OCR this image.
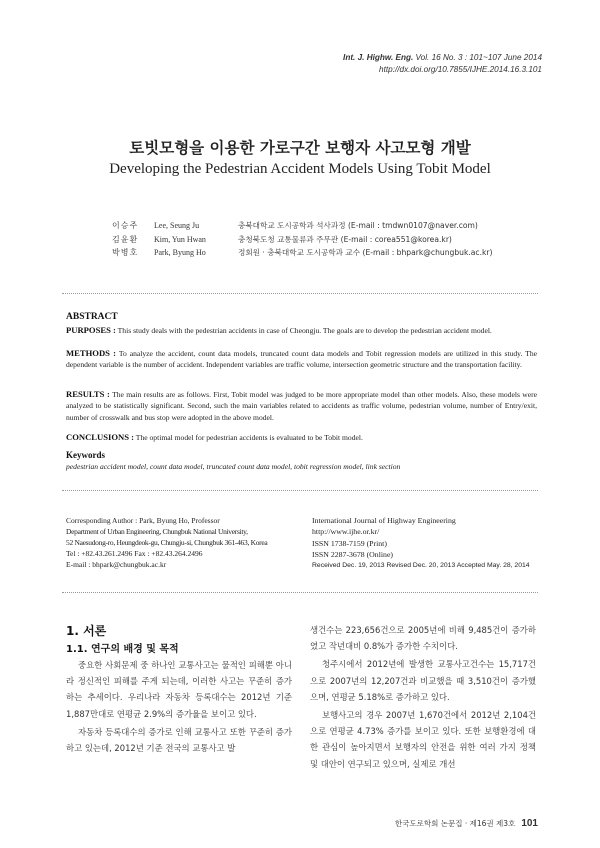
Int. J. Highw. Eng. Vol. 16 No. 3 : 101~107 June 2014
http://dx.doi.org/10.7855/IJHE.2014.16.3.101
토빗모형을 이용한 가로구간 보행자 사고모형 개발
Developing the Pedestrian Accident Models Using Tobit Model
이승주	Lee, Seung Ju	충북대학교 도시공학과 석사과정 (E-mail : tmdwn0107@naver.com)
김윤환	Kim, Yun Hwan	충청북도청 교통물류과 주무관 (E-mail : corea551@korea.kr)
박병호	Park, Byung Ho	정회원 · 충북대학교 도시공학과 교수 (E-mail : bhpark@chungbuk.ac.kr)
ABSTRACT

PURPOSES : This study deals with the pedestrian accidents in case of Cheongju. The goals are to develop the pedestrian accident model.

METHODS : To analyze the accident, count data models, truncated count data models and Tobit regression models are utilized in this study. The dependent variable is the number of accident. Independent variables are traffic volume, intersection geometric structure and the transportation facility.

RESULTS : The main results are as follows. First, Tobit model was judged to be more appropriate model than other models. Also, these models were analyzed to be statistically significant. Second, such the main variables related to accidents as traffic volume, pedestrian volume, number of Entry/exit, number of crosswalk and bus stop were adopted in the above model.

CONCLUSIONS : The optimal model for pedestrian accidents is evaluated to be Tobit model.

Keywords
pedestrian accident model, count data model, truncated count data model, tobit regression model, link section
Corresponding Author : Park, Byung Ho, Professor
Department of Urban Engineering, Chungbuk National University,
52 Naesudong-ro, Heungdeok-gu, Chungju-si, Chungbuk 361-463, Korea
Tel : +82.43.261.2496 Fax : +82.43.264.2496
E-mail : bhpark@chungbuk.ac.kr
International Journal of Highway Engineering
http://www.ijhe.or.kr/
ISSN 1738-7159 (Print)
ISSN 2287-3678 (Online)
Received Dec. 19, 2013 Revised Dec. 20, 2013 Accepted May. 28, 2014
1. 서론
1.1. 연구의 배경 및 목적

중요한 사회문제 중 하나인 교통사고는 물적인 피해뿐 아니라 정신적인 피해를 주게 되는데, 이러한 사고는 꾸준히 증가하는 추세이다. 우리나라 자동차 등록대수는 2012년 기준 1,887만대로 연평균 2.9%의 증가율을 보이고 있다.

자동차 등록대수의 증가로 인해 교통사고 또한 꾸준히 증가하고 있는데, 2012년 기준 전국의 교통사고 발

생건수는 223,656건으로 2005년에 비해 9,485건이 증가하였고 작년대비 0.8%가 증가한 수치이다.

청주시에서 2012년에 발생한 교통사고건수는 15,717건으로 2007년의 12,207건과 비교했을 때 3,510건이 증가했으며, 연평균 5.18%로 증가하고 있다.

보행사고의 경우 2007년 1,670건에서 2012년 2,104건으로 연평균 4.73% 증가를 보이고 있다. 또한 보행환경에 대한 관심이 높아지면서 보행자의 안전을 위한 여러 가지 정책 및 대안이 연구되고 있으며, 실제로 개선

한국도로학회 논문집 · 제16권 제3호 101
